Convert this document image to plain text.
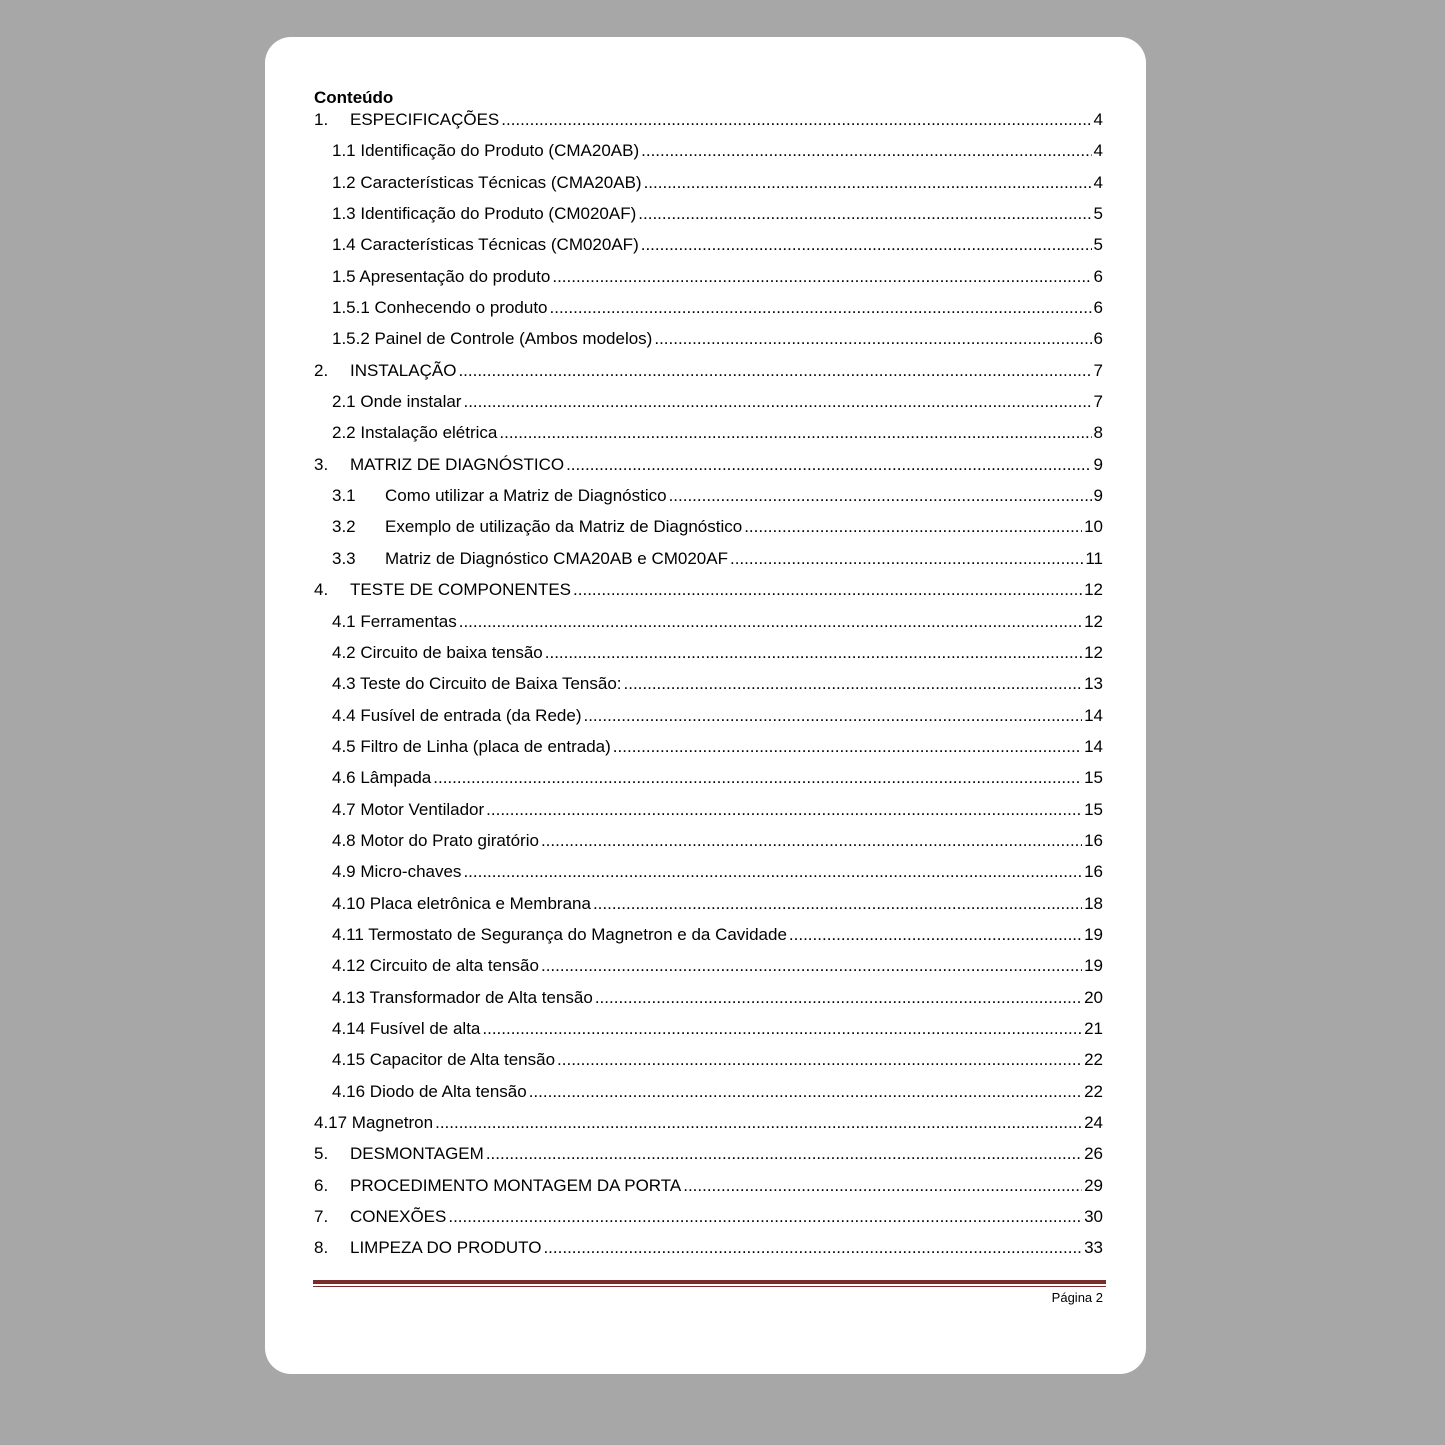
Conteúdo
1.	ESPECIFICAÇÕES .....	4
1.1 Identificação do Produto (CMA20AB) .....	4
1.2 Características Técnicas (CMA20AB) .....	4
1.3 Identificação do Produto (CM020AF) .....	5
1.4 Características Técnicas (CM020AF) .....	5
1.5 Apresentação do produto .....	6
1.5.1 Conhecendo o produto .....	6
1.5.2 Painel de Controle (Ambos modelos) .....	6
2.	INSTALAÇÃO .....	7
2.1 Onde instalar .....	7
2.2 Instalação elétrica .....	8
3.	MATRIZ DE DIAGNÓSTICO .....	9
3.1	Como utilizar a Matriz de Diagnóstico .....	9
3.2	Exemplo de utilização da Matriz de Diagnóstico .....	10
3.3	Matriz de Diagnóstico CMA20AB e CM020AF .....	11
4.	TESTE DE COMPONENTES .....	12
4.1 Ferramentas .....	12
4.2 Circuito de baixa tensão .....	12
4.3 Teste do Circuito de Baixa Tensão: .....	13
4.4 Fusível de entrada (da Rede) .....	14
4.5 Filtro de Linha (placa de entrada) .....	14
4.6 Lâmpada .....	15
4.7 Motor Ventilador .....	15
4.8 Motor do Prato giratório .....	16
4.9 Micro-chaves .....	16
4.10 Placa eletrônica e Membrana .....	18
4.11 Termostato de Segurança do Magnetron e da Cavidade .....	19
4.12 Circuito de alta tensão .....	19
4.13 Transformador de Alta tensão .....	20
4.14 Fusível de alta .....	21
4.15 Capacitor de Alta tensão .....	22
4.16 Diodo de Alta tensão .....	22
4.17 Magnetron .....	24
5.	DESMONTAGEM .....	26
6.	PROCEDIMENTO MONTAGEM DA PORTA .....	29
7.	CONEXÕES .....	30
8.	LIMPEZA DO PRODUTO .....	33
Página 2
